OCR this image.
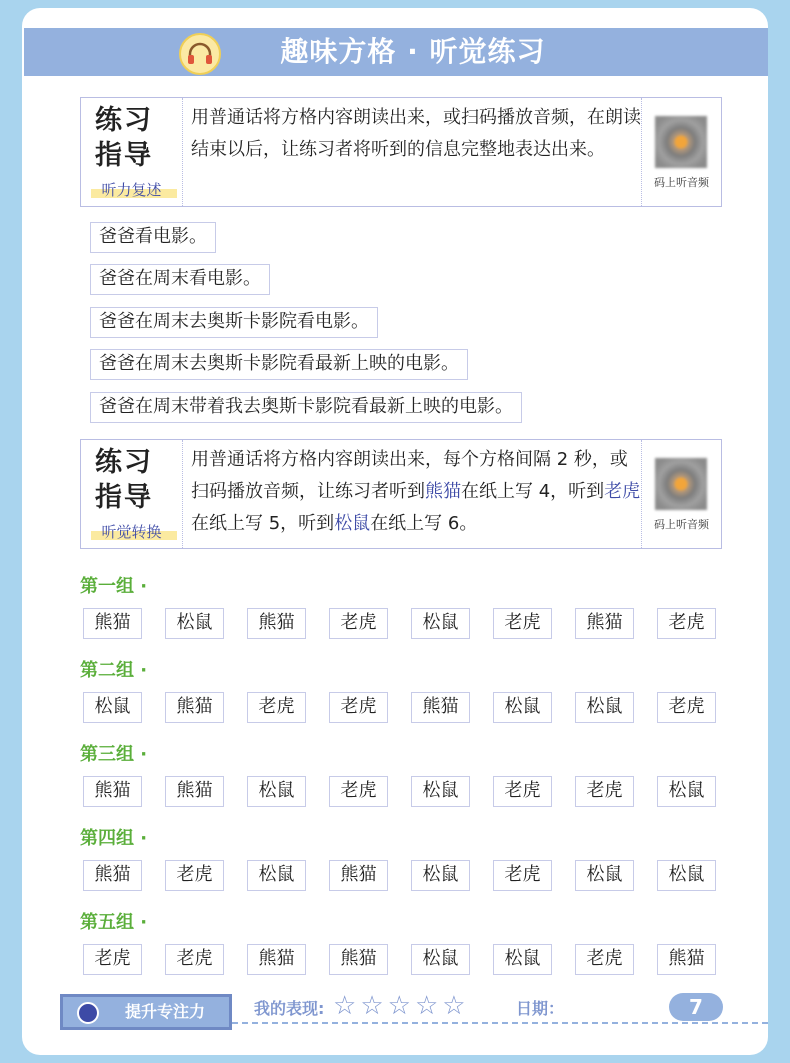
趣味方格 · 听觉练习
练习
指导
听力复述
用普通话将方格内容朗读出来，或扫码播放音频，在朗读结束以后，让练习者将听到的信息完整地表达出来。
码上听音频
爸爸看电影。
爸爸在周末看电影。
爸爸在周末去奥斯卡影院看电影。
爸爸在周末去奥斯卡影院看最新上映的电影。
爸爸在周末带着我去奥斯卡影院看最新上映的电影。
练习
指导
听觉转换
用普通话将方格内容朗读出来，每个方格间隔 2 秒，或扫码播放音频，让练习者听到熊猫在纸上写 4，听到老虎在纸上写 5，听到松鼠在纸上写 6。	码上听音频
第一组 ·
熊猫	松鼠	熊猫	老虎	松鼠	老虎	熊猫	老虎
第二组 ·
松鼠	熊猫	老虎	老虎	熊猫	松鼠	松鼠	老虎
第三组 ·
熊猫	熊猫	松鼠	老虎	松鼠	老虎	老虎	松鼠
第四组 ·
熊猫	老虎	松鼠	熊猫	松鼠	老虎	松鼠	松鼠
第五组 ·
老虎	老虎	熊猫	熊猫	松鼠	松鼠	老虎	熊猫
提升专注力	我的表现: ☆ ☆ ☆ ☆ ☆	日期：	7
